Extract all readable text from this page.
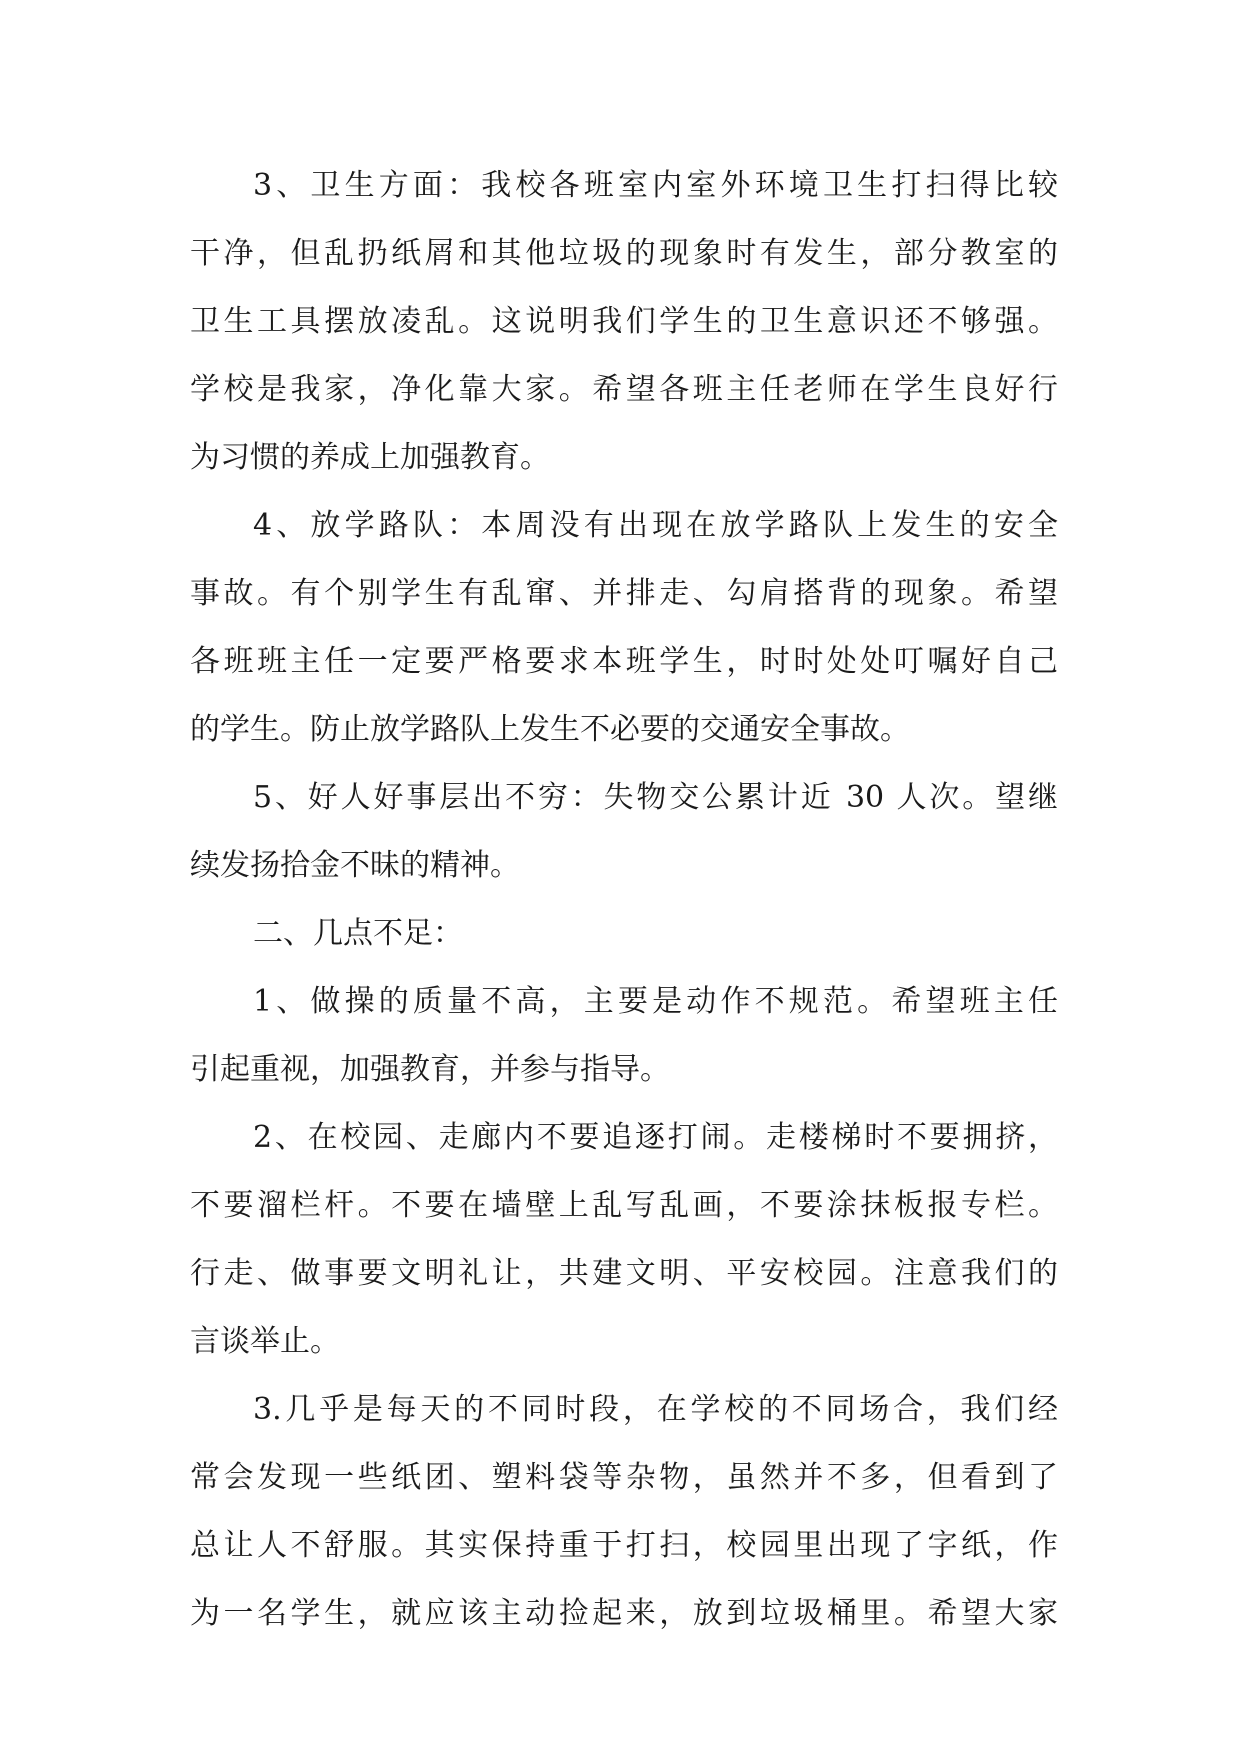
3、卫生方面：我校各班室内室外环境卫生打扫得比较
干净，但乱扔纸屑和其他垃圾的现象时有发生，部分教室的
卫生工具摆放凌乱。这说明我们学生的卫生意识还不够强。
学校是我家，净化靠大家。希望各班主任老师在学生良好行
为习惯的养成上加强教育。
4、放学路队：本周没有出现在放学路队上发生的安全
事故。有个别学生有乱窜、并排走、勾肩搭背的现象。希望
各班班主任一定要严格要求本班学生，时时处处叮嘱好自己
的学生。防止放学路队上发生不必要的交通安全事故。
5、好人好事层出不穷：失物交公累计近 30 人次。望继
续发扬拾金不昧的精神。
二、几点不足：
1、做操的质量不高，主要是动作不规范。希望班主任
引起重视，加强教育，并参与指导。
2、在校园、走廊内不要追逐打闹。走楼梯时不要拥挤，
不要溜栏杆。不要在墙壁上乱写乱画，不要涂抹板报专栏。
行走、做事要文明礼让，共建文明、平安校园。注意我们的
言谈举止。
3.几乎是每天的不同时段，在学校的不同场合，我们经
常会发现一些纸团、塑料袋等杂物，虽然并不多，但看到了
总让人不舒服。其实保持重于打扫，校园里出现了字纸，作
为一名学生，就应该主动捡起来，放到垃圾桶里。希望大家
